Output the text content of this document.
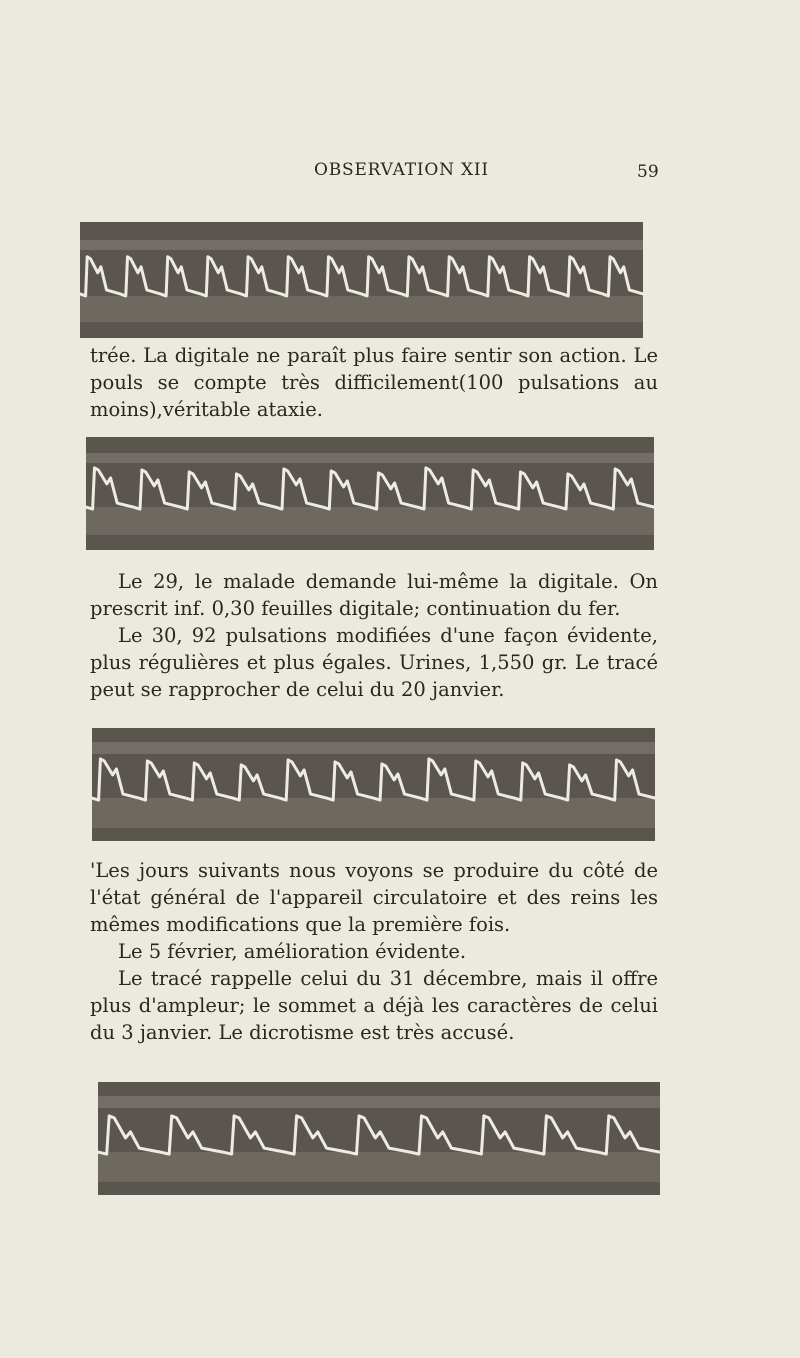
OBSERVATION XII	59

trée. La digitale ne paraît plus faire sentir son action. Le pouls se compte très difficilement(100 pulsations au moins),véritable ataxie.

Le 29, le malade demande lui-même la digitale. On prescrit inf. 0,30 feuilles digitale; continuation du fer.

Le 30, 92 pulsations modifiées d'une façon évidente, plus régulières et plus égales. Urines, 1,550 gr. Le tracé peut se rapprocher de celui du 20 janvier.

'Les jours suivants nous voyons se produire du côté de l'état général de l'appareil circulatoire et des reins les mêmes modifications que la première fois.

Le 5 février, amélioration évidente.

Le tracé rappelle celui du 31 décembre, mais il offre plus d'ampleur; le sommet a déjà les caractères de celui du 3 janvier. Le dicrotisme est très accusé.
